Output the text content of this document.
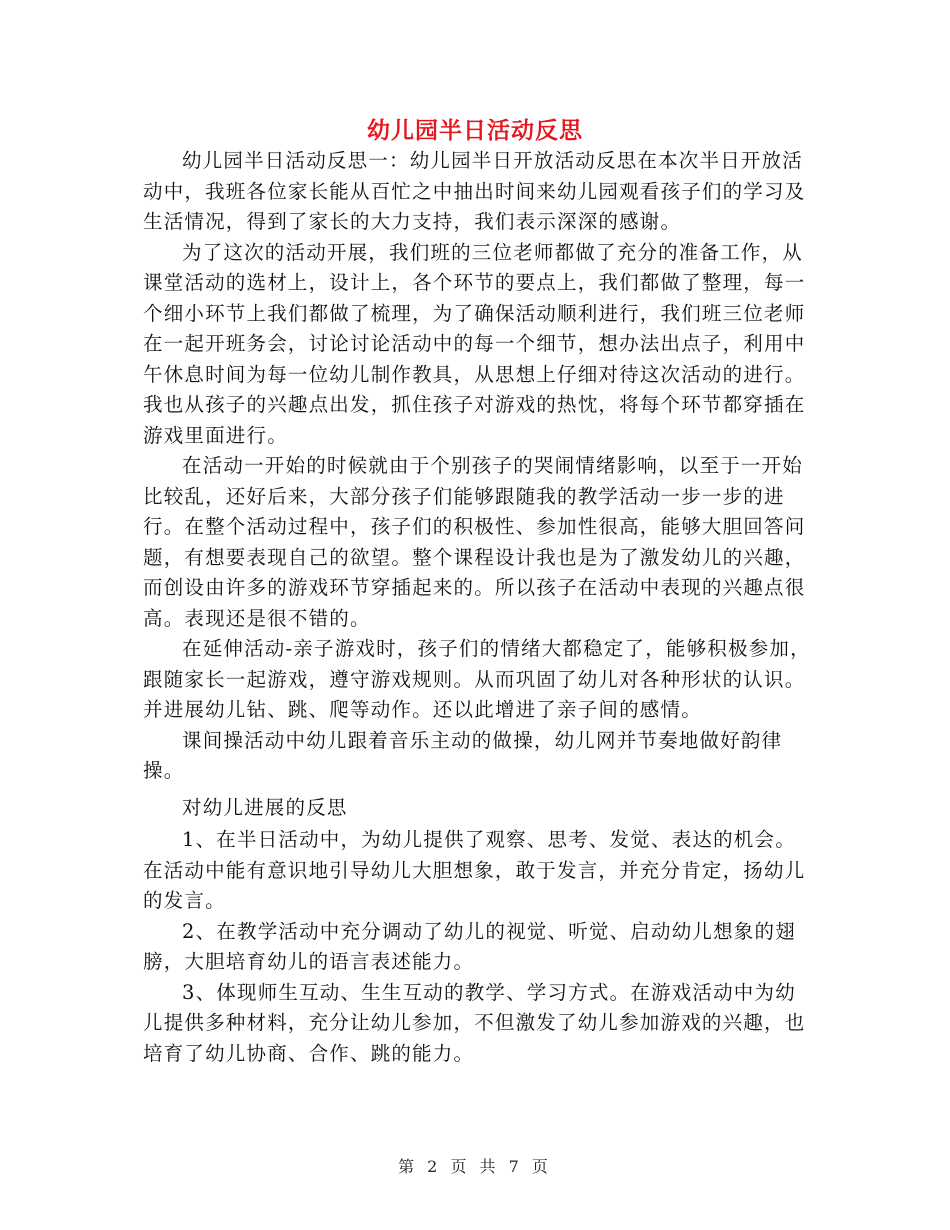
幼儿园半日活动反思

幼儿园半日活动反思一：幼儿园半日开放活动反思在本次半日开放活动中，我班各位家长能从百忙之中抽出时间来幼儿园观看孩子们的学习及生活情况，得到了家长的大力支持，我们表示深深的感谢。

为了这次的活动开展，我们班的三位老师都做了充分的准备工作，从课堂活动的选材上，设计上，各个环节的要点上，我们都做了整理，每一个细小环节上我们都做了梳理，为了确保活动顺利进行，我们班三位老师在一起开班务会，讨论讨论活动中的每一个细节，想办法出点子，利用中午休息时间为每一位幼儿制作教具，从思想上仔细对待这次活动的进行。我也从孩子的兴趣点出发，抓住孩子对游戏的热忱，将每个环节都穿插在游戏里面进行。

在活动一开始的时候就由于个别孩子的哭闹情绪影响，以至于一开始比较乱，还好后来，大部分孩子们能够跟随我的教学活动一步一步的进行。在整个活动过程中，孩子们的积极性、参加性很高，能够大胆回答问题，有想要表现自己的欲望。整个课程设计我也是为了激发幼儿的兴趣，而创设由许多的游戏环节穿插起来的。所以孩子在活动中表现的兴趣点很高。表现还是很不错的。

在延伸活动-亲子游戏时，孩子们的情绪大都稳定了，能够积极参加，跟随家长一起游戏，遵守游戏规则。从而巩固了幼儿对各种形状的认识。并进展幼儿钻、跳、爬等动作。还以此增进了亲子间的感情。

课间操活动中幼儿跟着音乐主动的做操，幼儿网并节奏地做好韵律操。

对幼儿进展的反思

1、在半日活动中，为幼儿提供了观察、思考、发觉、表达的机会。在活动中能有意识地引导幼儿大胆想象，敢于发言，并充分肯定，扬幼儿的发言。

2、在教学活动中充分调动了幼儿的视觉、听觉、启动幼儿想象的翅膀，大胆培育幼儿的语言表述能力。

3、体现师生互动、生生互动的教学、学习方式。在游戏活动中为幼儿提供多种材料，充分让幼儿参加，不但激发了幼儿参加游戏的兴趣，也培育了幼儿协商、合作、跳的能力。

第 2 页 共 7 页
